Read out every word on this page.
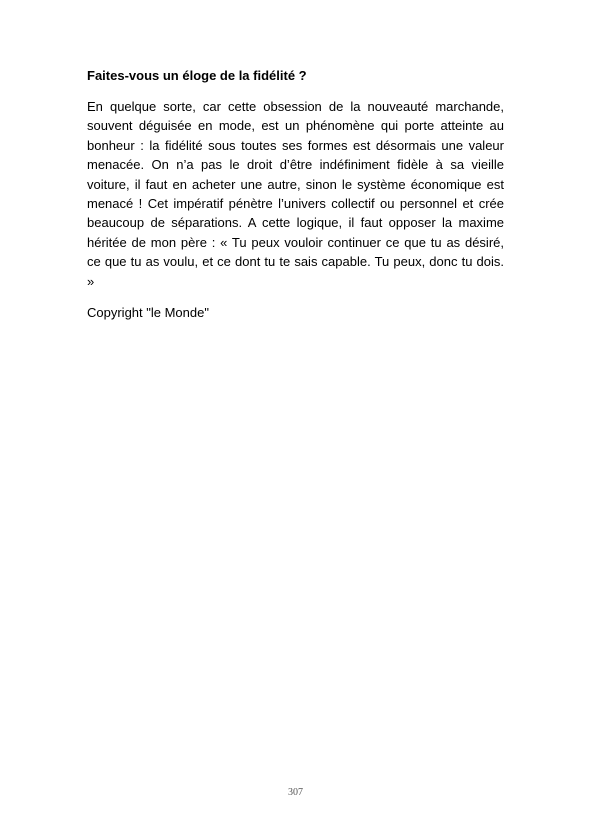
Faites-vous un éloge de la fidélité ?

En quelque sorte, car cette obsession de la nouveauté marchande, souvent déguisée en mode, est un phénomène qui porte atteinte au bonheur : la fidélité sous toutes ses formes est désormais une valeur menacée. On n’a pas le droit d’être indéfiniment fidèle à sa vieille voiture, il faut en acheter une autre, sinon le système économique est menacé ! Cet impératif pénètre l’univers collectif ou personnel et crée beaucoup de séparations. A cette logique, il faut opposer la maxime héritée de mon père : « Tu peux vouloir continuer ce que tu as désiré, ce que tu as voulu, et ce dont tu te sais capable. Tu peux, donc tu dois. »

Copyright "le Monde"

307
